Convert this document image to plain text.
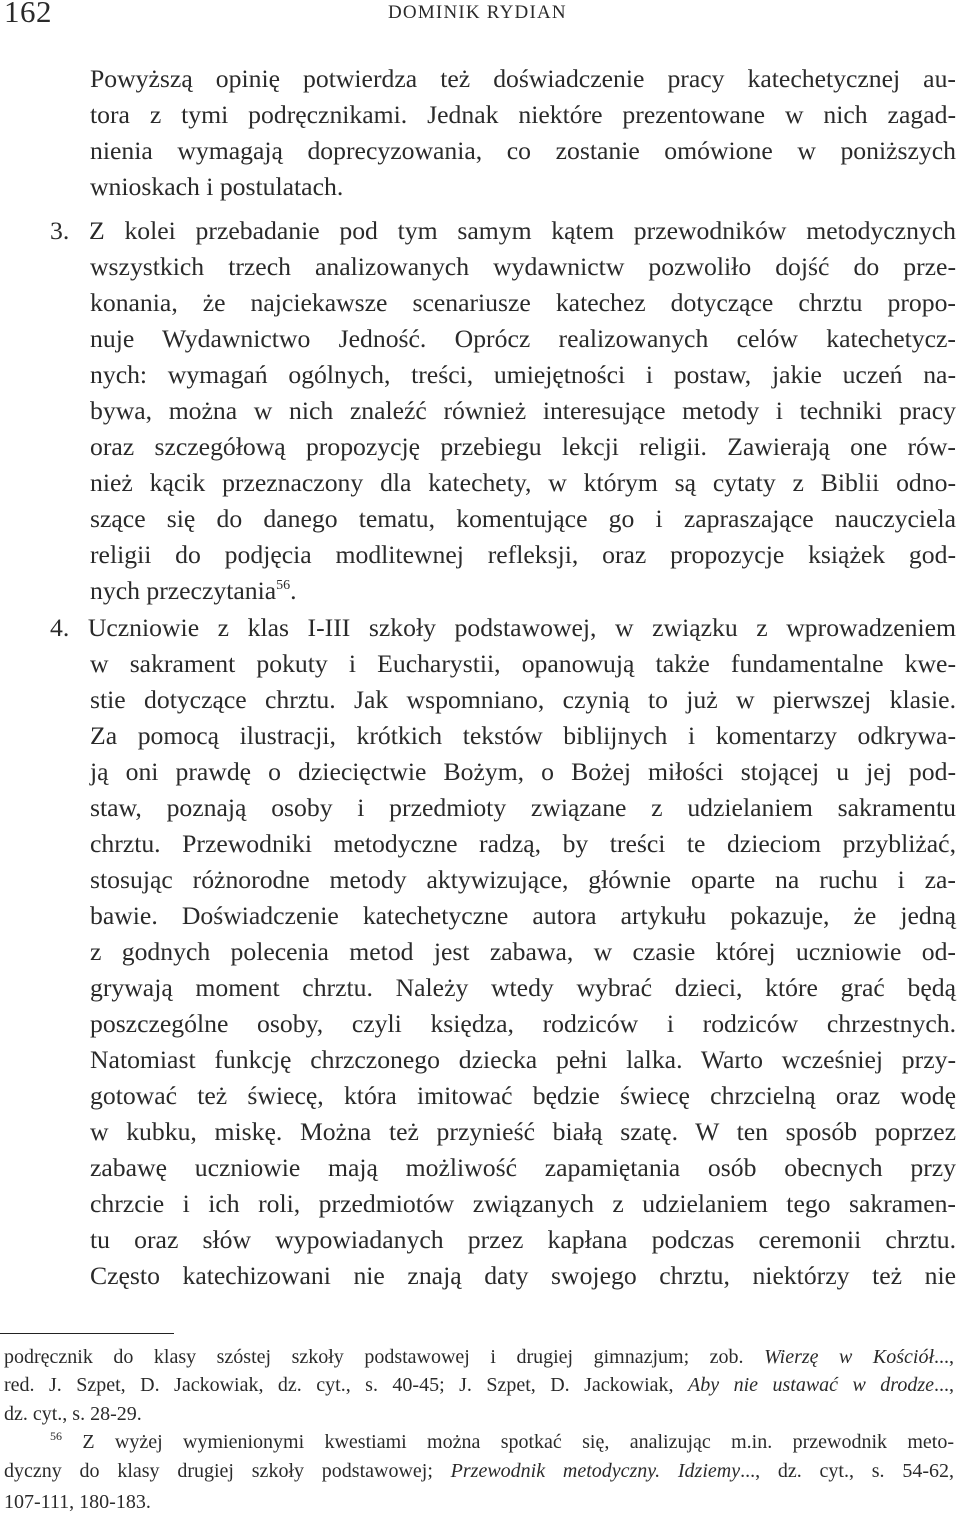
162	DOMINIK RYDIAN
Powyższą opinię potwierdza też doświadczenie pracy katechetycznej au-
tora z tymi podręcznikami. Jednak niektóre prezentowane w nich zagad-
nienia wymagają doprecyzowania, co zostanie omówione w poniższych
wnioskach i postulatach.
3. Z kolei przebadanie pod tym samym kątem przewodników metodycznych
wszystkich trzech analizowanych wydawnictw pozwoliło dojść do prze-
konania, że najciekawsze scenariusze katechez dotyczące chrztu propo-
nuje Wydawnictwo Jedność. Oprócz realizowanych celów katechetycz-
nych: wymagań ogólnych, treści, umiejętności i postaw, jakie uczeń na-
bywa, można w nich znaleźć również interesujące metody i techniki pracy
oraz szczegółową propozycję przebiegu lekcji religii. Zawierają one rów-
nież kącik przeznaczony dla katechety, w którym są cytaty z Biblii odno-
szące się do danego tematu, komentujące go i zapraszające nauczyciela
religii do podjęcia modlitewnej refleksji, oraz propozycje książek god-
nych przeczytania$^{56}$.
4. Uczniowie z klas I-III szkoły podstawowej, w związku z wprowadzeniem
w sakrament pokuty i Eucharystii, opanowują także fundamentalne kwe-
stie dotyczące chrztu. Jak wspomniano, czynią to już w pierwszej klasie.
Za pomocą ilustracji, krótkich tekstów biblijnych i komentarzy odkrywa-
ją oni prawdę o dziecięctwie Bożym, o Bożej miłości stojącej u jej pod-
staw, poznają osoby i przedmioty związane z udzielaniem sakramentu
chrztu. Przewodniki metodyczne radzą, by treści te dzieciom przybliżać,
stosując różnorodne metody aktywizujące, głównie oparte na ruchu i za-
bawie. Doświadczenie katechetyczne autora artykułu pokazuje, że jedną
z godnych polecenia metod jest zabawa, w czasie której uczniowie od-
grywają moment chrztu. Należy wtedy wybrać dzieci, które grać będą
poszczególne osoby, czyli księdza, rodziców i rodziców chrzestnych.
Natomiast funkcję chrzczonego dziecka pełni lalka. Warto wcześniej przy-
gotować też świecę, która imitować będzie świecę chrzcielną oraz wodę
w kubku, miskę. Można też przynieść białą szatę. W ten sposób poprzez
zabawę uczniowie mają możliwość zapamiętania osób obecnych przy
chrzcie i ich roli, przedmiotów związanych z udzielaniem tego sakramen-
tu oraz słów wypowiadanych przez kapłana podczas ceremonii chrztu.
Często katechizowani nie znają daty swojego chrztu, niektórzy też nie
podręcznik do klasy szóstej szkoły podstawowej i drugiej gimnazjum; zob. Wierzę w Kościół...,
red. J. Szpet, D. Jackowiak, dz. cyt., s. 40-45; J. Szpet, D. Jackowiak, Aby nie ustawać w drodze...,
dz. cyt., s. 28-29.
$^{56}$ Z wyżej wymienionymi kwestiami można spotkać się, analizując m.in. przewodnik meto-
dyczny do klasy drugiej szkoły podstawowej; Przewodnik metodyczny. Idziemy..., dz. cyt., s. 54-62,
107-111, 180-183.
